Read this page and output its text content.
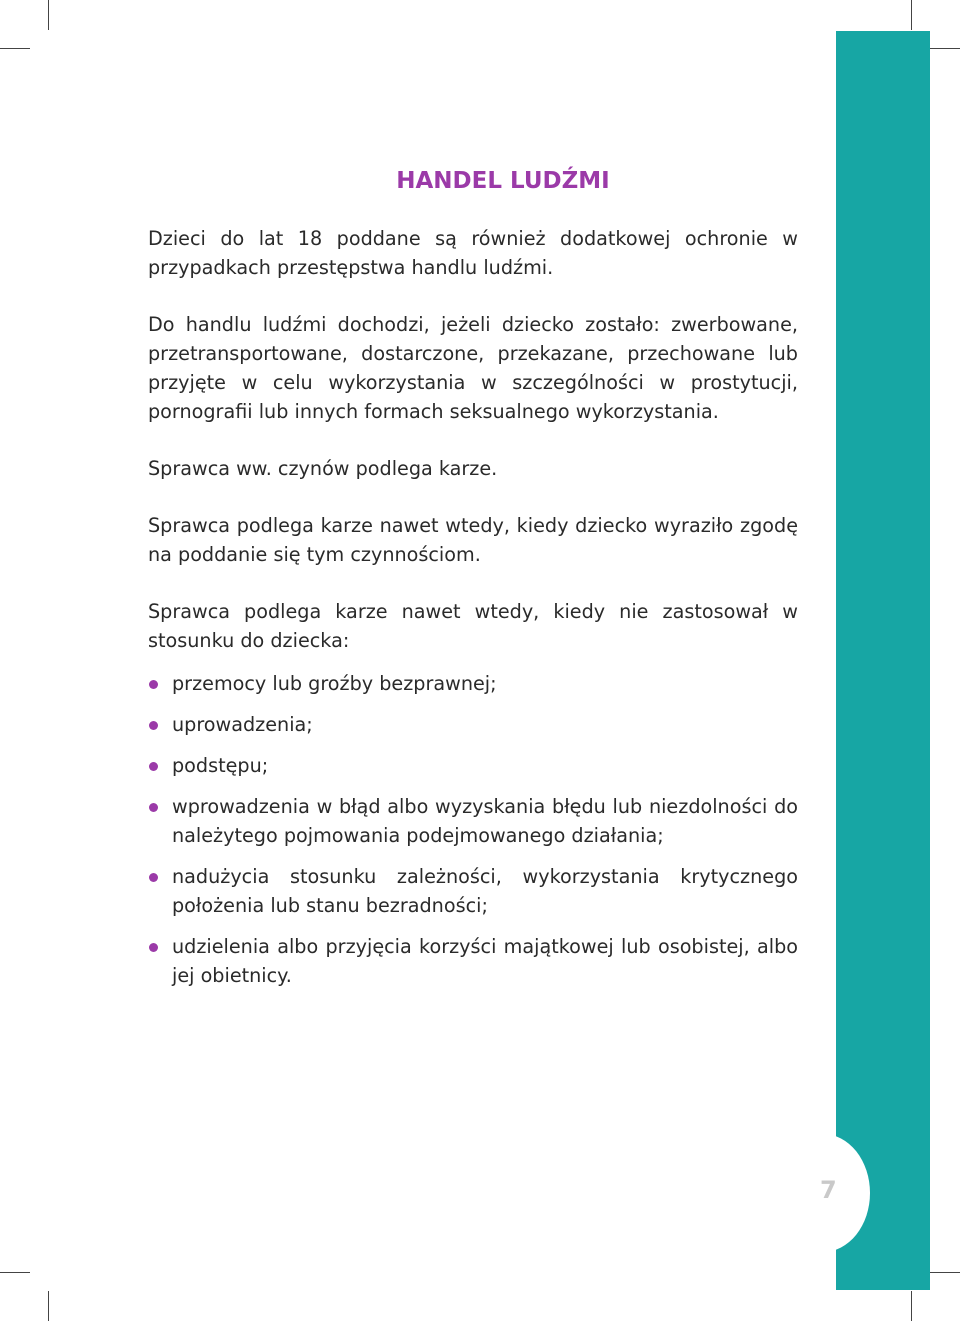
7
HANDEL LUDŹMI

Dzieci do lat 18 poddane są również dodatkowej ochronie w przypadkach przestępstwa handlu ludźmi.

Do handlu ludźmi dochodzi, jeżeli dziecko zostało: zwerbowane, przetransportowane, dostarczone, przekazane, przechowane lub przyjęte w celu wykorzystania w szczególności w prostytucji, pornografii lub innych formach seksualnego wykorzystania.

Sprawca ww. czynów podlega karze.

Sprawca podlega karze nawet wtedy, kiedy dziecko wyraziło zgodę na poddanie się tym czynnościom.

Sprawca podlega karze nawet wtedy, kiedy nie zastosował w stosunku do dziecka:

przemocy lub groźby bezprawnej;
uprowadzenia;
podstępu;
wprowadzenia w błąd albo wyzyskania błędu lub niezdolności do należytego pojmowania podejmowanego działania;
nadużycia stosunku zależności, wykorzystania krytycznego położenia lub stanu bezradności;
udzielenia albo przyjęcia korzyści majątkowej lub osobistej, albo jej obietnicy.
